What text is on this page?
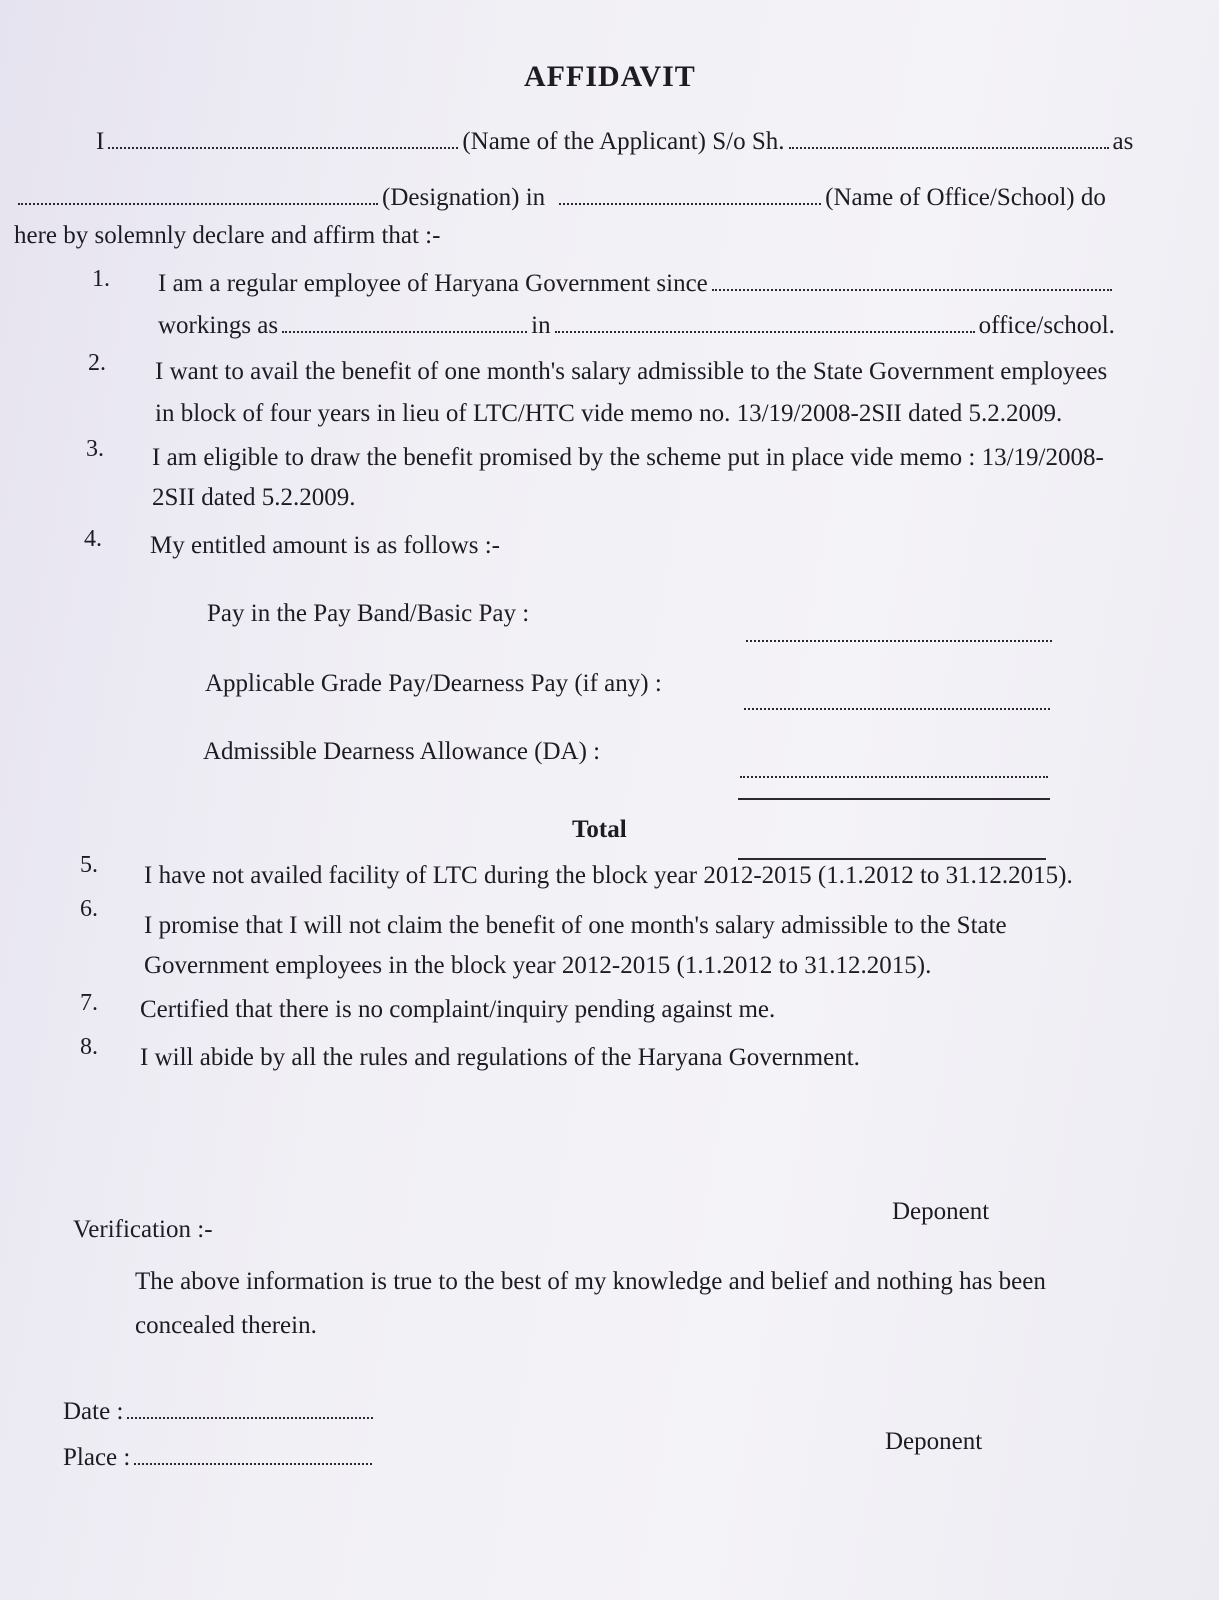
AFFIDAVIT
I	(Name of the Applicant) S/o Sh.	as
(Designation) in	(Name of Office/School) do
here by solemnly declare and affirm that :-
1. I am a regular employee of Haryana Government since
workings as	in	office/school.
2. I want to avail the benefit of one month's salary admissible to the State Government employees
in block of four years in lieu of LTC/HTC vide memo no. 13/19/2008-2SII dated 5.2.2009.
3. I am eligible to draw the benefit promised by the scheme put in place vide memo : 13/19/2008-
2SII dated 5.2.2009.
4. My entitled amount is as follows :-
Pay in the Pay Band/Basic Pay :
Applicable Grade Pay/Dearness Pay (if any) :
Admissible Dearness Allowance (DA) :
Total
5. I have not availed facility of LTC during the block year 2012-2015 (1.1.2012 to 31.12.2015).
6.
I promise that I will not claim the benefit of one month's salary admissible to the State
Government employees in the block year 2012-2015 (1.1.2012 to 31.12.2015).
7. Certified that there is no complaint/inquiry pending against me.
8. I will abide by all the rules and regulations of the Haryana Government.
Deponent
Verification :-
The above information is true to the best of my knowledge and belief and nothing has been
concealed therein.
Date :
Deponent
Place :
